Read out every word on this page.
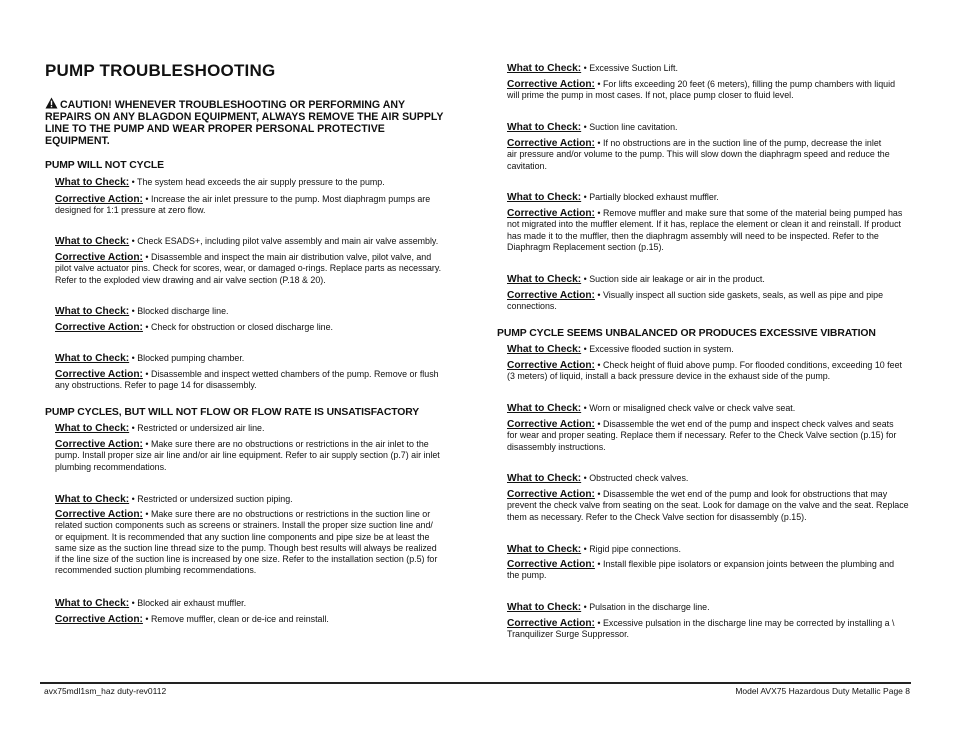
PUMP TROUBLESHOOTING
CAUTION! WHENEVER TROUBLESHOOTING OR PERFORMING ANY REPAIRS ON ANY BLAGDON EQUIPMENT, ALWAYS REMOVE THE AIR SUPPLY LINE TO THE PUMP AND WEAR PROPER PERSONAL PROTECTIVE EQUIPMENT.
PUMP WILL NOT CYCLE
PUMP CYCLES, BUT WILL NOT FLOW OR FLOW RATE IS UNSATISFACTORY
PUMP CYCLE SEEMS UNBALANCED OR PRODUCES EXCESSIVE VIBRATION
What to Check: • The system head exceeds the air supply pressure to the pump.
Corrective Action: • Increase the air inlet pressure to the pump. Most diaphragm pumps are
designed for 1:1 pressure at zero flow.
What to Check: • Check ESADS+, including pilot valve assembly and main air valve assembly.
Corrective Action: • Disassemble and inspect the main air distribution valve, pilot valve, and
pilot valve actuator pins. Check for scores, wear, or damaged o-rings. Replace parts as necessary.
Refer to the exploded view drawing and air valve section (P.18 & 20).
What to Check: • Blocked discharge line.
Corrective Action: • Check for obstruction or closed discharge line.
What to Check: • Blocked pumping chamber.
Corrective Action: • Disassemble and inspect wetted chambers of the pump. Remove or flush
any obstructions. Refer to page 14 for disassembly.
What to Check: • Restricted or undersized air line.
Corrective Action: • Make sure there are no obstructions or restrictions in the air inlet to the
pump. Install proper size air line and/or air line equipment. Refer to air supply section (p.7) air inlet
plumbing recommendations.
What to Check: • Restricted or undersized suction piping.
Corrective Action: • Make sure there are no obstructions or restrictions in the suction line or
related suction components such as screens or strainers. Install the proper size suction line and/
or equipment. It is recommended that any suction line components and pipe size be at least the
same size as the suction line thread size to the pump. Though best results will always be realized
if the line size of the suction line is increased by one size. Refer to the installation section (p.5) for
recommended suction plumbing recommendations.
What to Check: • Blocked air exhaust muffler.
Corrective Action: • Remove muffler, clean or de-ice and reinstall.
What to Check: • Excessive Suction Lift.
Corrective Action: • For lifts exceeding 20 feet (6 meters), filling the pump chambers with liquid
will prime the pump in most cases. If not, place pump closer to fluid level.
What to Check: • Suction line cavitation.
Corrective Action: • If no obstructions are in the suction line of the pump, decrease the inlet
air pressure and/or volume to the pump. This will slow down the diaphragm speed and reduce the
cavitation.
What to Check: • Partially blocked exhaust muffler.
Corrective Action: • Remove muffler and make sure that some of the material being pumped has
not migrated into the muffler element. If it has, replace the element or clean it and reinstall. If product
has made it to the muffler, then the diaphragm assembly will need to be inspected. Refer to the
Diaphragm Replacement section (p.15).
What to Check: • Suction side air leakage or air in the product.
Corrective Action: • Visually inspect all suction side gaskets, seals, as well as pipe and pipe
connections.
What to Check: • Excessive flooded suction in system.
Corrective Action: • Check height of fluid above pump. For flooded conditions, exceeding 10 feet
(3 meters) of liquid, install a back pressure device in the exhaust side of the pump.
What to Check: • Worn or misaligned check valve or check valve seat.
Corrective Action: • Disassemble the wet end of the pump and inspect check valves and seats
for wear and proper seating. Replace them if necessary. Refer to the Check Valve section (p.15) for
disassembly instructions.
What to Check: • Obstructed check valves.
Corrective Action: • Disassemble the wet end of the pump and look for obstructions that may
prevent the check valve from seating on the seat. Look for damage on the valve and the seat. Replace
them as necessary. Refer to the Check Valve section for disassembly (p.15).
What to Check: • Rigid pipe connections.
Corrective Action: • Install flexible pipe isolators or expansion joints between the plumbing and
the pump.
What to Check: • Pulsation in the discharge line.
Corrective Action: • Excessive pulsation in the discharge line may be corrected by installing a \
Tranquilizer Surge Suppressor.
avx75mdl1sm_haz duty-rev0112	Model AVX75 Hazardous Duty Metallic Page 8
